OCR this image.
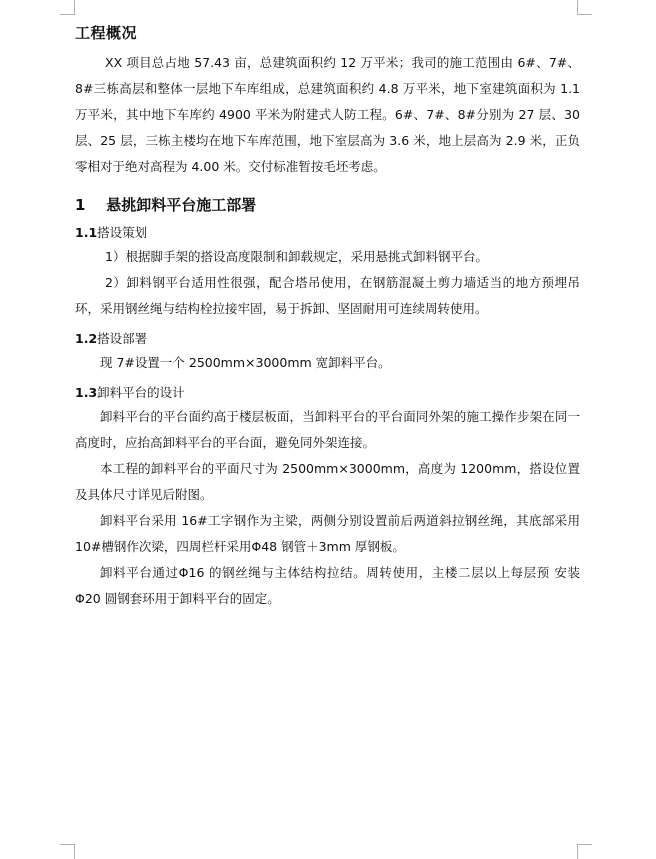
工程概况

XX 项目总占地 57.43 亩，总建筑面积约 12 万平米；我司的施工范围由 6#、7#、8#三栋高层和整体一层地下车库组成，总建筑面积约 4.8 万平米，地下室建筑面积为 1.1 万平米，其中地下车库约 4900 平米为附建式人防工程。6#、7#、8#分别为 27 层、30 层、25 层，三栋主楼均在地下车库范围，地下室层高为 3.6 米，地上层高为 2.9 米，正负零相对于绝对高程为 4.00 米。交付标准暂按毛坯考虑。

1 悬挑卸料平台施工部署
1.1搭设策划

1）根据脚手架的搭设高度限制和卸载规定，采用悬挑式卸料钢平台。

2）卸料钢平台适用性很强，配合塔吊使用，在钢筋混凝土剪力墙适当的地方预埋吊环，采用钢丝绳与结构栓拉接牢固，易于拆卸、坚固耐用可连续周转使用。

1.2搭设部署

现 7#设置一个 2500mm×3000mm 宽卸料平台。

1.3卸料平台的设计

卸料平台的平台面约高于楼层板面，当卸料平台的平台面同外架的施工操作步架在同一高度时，应抬高卸料平台的平台面，避免同外架连接。

本工程的卸料平台的平面尺寸为 2500mm×3000mm，高度为 1200mm，搭设位置及具体尺寸详见后附图。

卸料平台采用 16#工字钢作为主梁，两侧分别设置前后两道斜拉钢丝绳，其底部采用 10#槽钢作次梁，四周栏杆采用Φ48 钢管＋3mm 厚钢板。

卸料平台通过Φ16 的钢丝绳与主体结构拉结。周转使用，主楼二层以上每层预 安装Φ20 圆钢套环用于卸料平台的固定。
